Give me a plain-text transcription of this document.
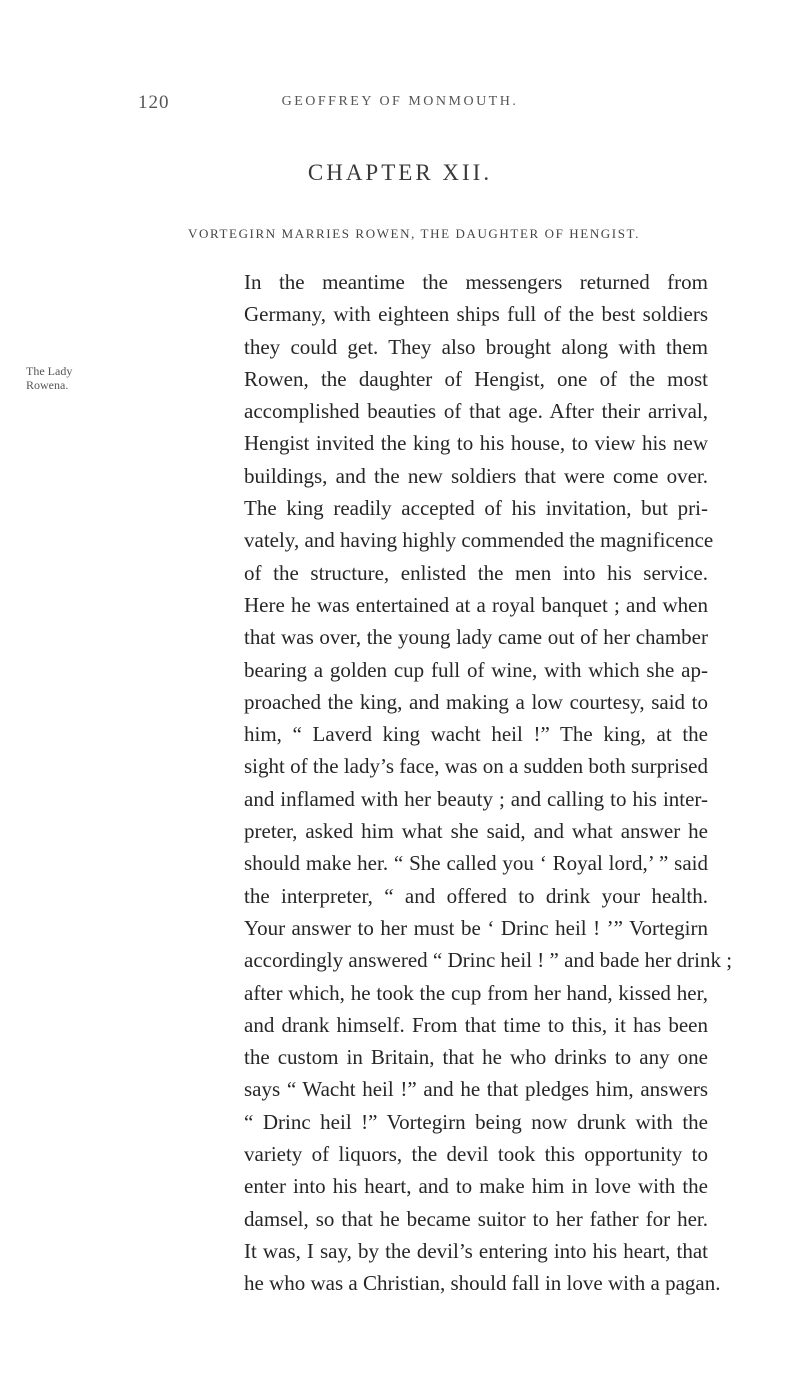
120	GEOFFREY OF MONMOUTH.
CHAPTER XII.
VORTEGIRN MARRIES ROWEN, THE DAUGHTER OF HENGIST.
The Lady
Rowena.
In the meantime the messengers returned from
Germany, with eighteen ships full of the best soldiers
they could get. They also brought along with them
Rowen, the daughter of Hengist, one of the most
accomplished beauties of that age. After their arrival,
Hengist invited the king to his house, to view his new
buildings, and the new soldiers that were come over.
The king readily accepted of his invitation, but pri-
vately, and having highly commended the magnificence
of the structure, enlisted the men into his service.
Here he was entertained at a royal banquet ; and when
that was over, the young lady came out of her chamber
bearing a golden cup full of wine, with which she ap-
proached the king, and making a low courtesy, said to
him, “ Laverd king wacht heil !” The king, at the
sight of the lady’s face, was on a sudden both surprised
and inflamed with her beauty ; and calling to his inter-
preter, asked him what she said, and what answer he
should make her. “ She called you ‘ Royal lord,’ ” said
the interpreter, “ and offered to drink your health.
Your answer to her must be ‘ Drinc heil ! ’” Vortegirn
accordingly answered “ Drinc heil ! ” and bade her drink ;
after which, he took the cup from her hand, kissed her,
and drank himself. From that time to this, it has been
the custom in Britain, that he who drinks to any one
says “ Wacht heil !” and he that pledges him, answers
“ Drinc heil !” Vortegirn being now drunk with the
variety of liquors, the devil took this opportunity to
enter into his heart, and to make him in love with the
damsel, so that he became suitor to her father for her.
It was, I say, by the devil’s entering into his heart, that
he who was a Christian, should fall in love with a pagan.
